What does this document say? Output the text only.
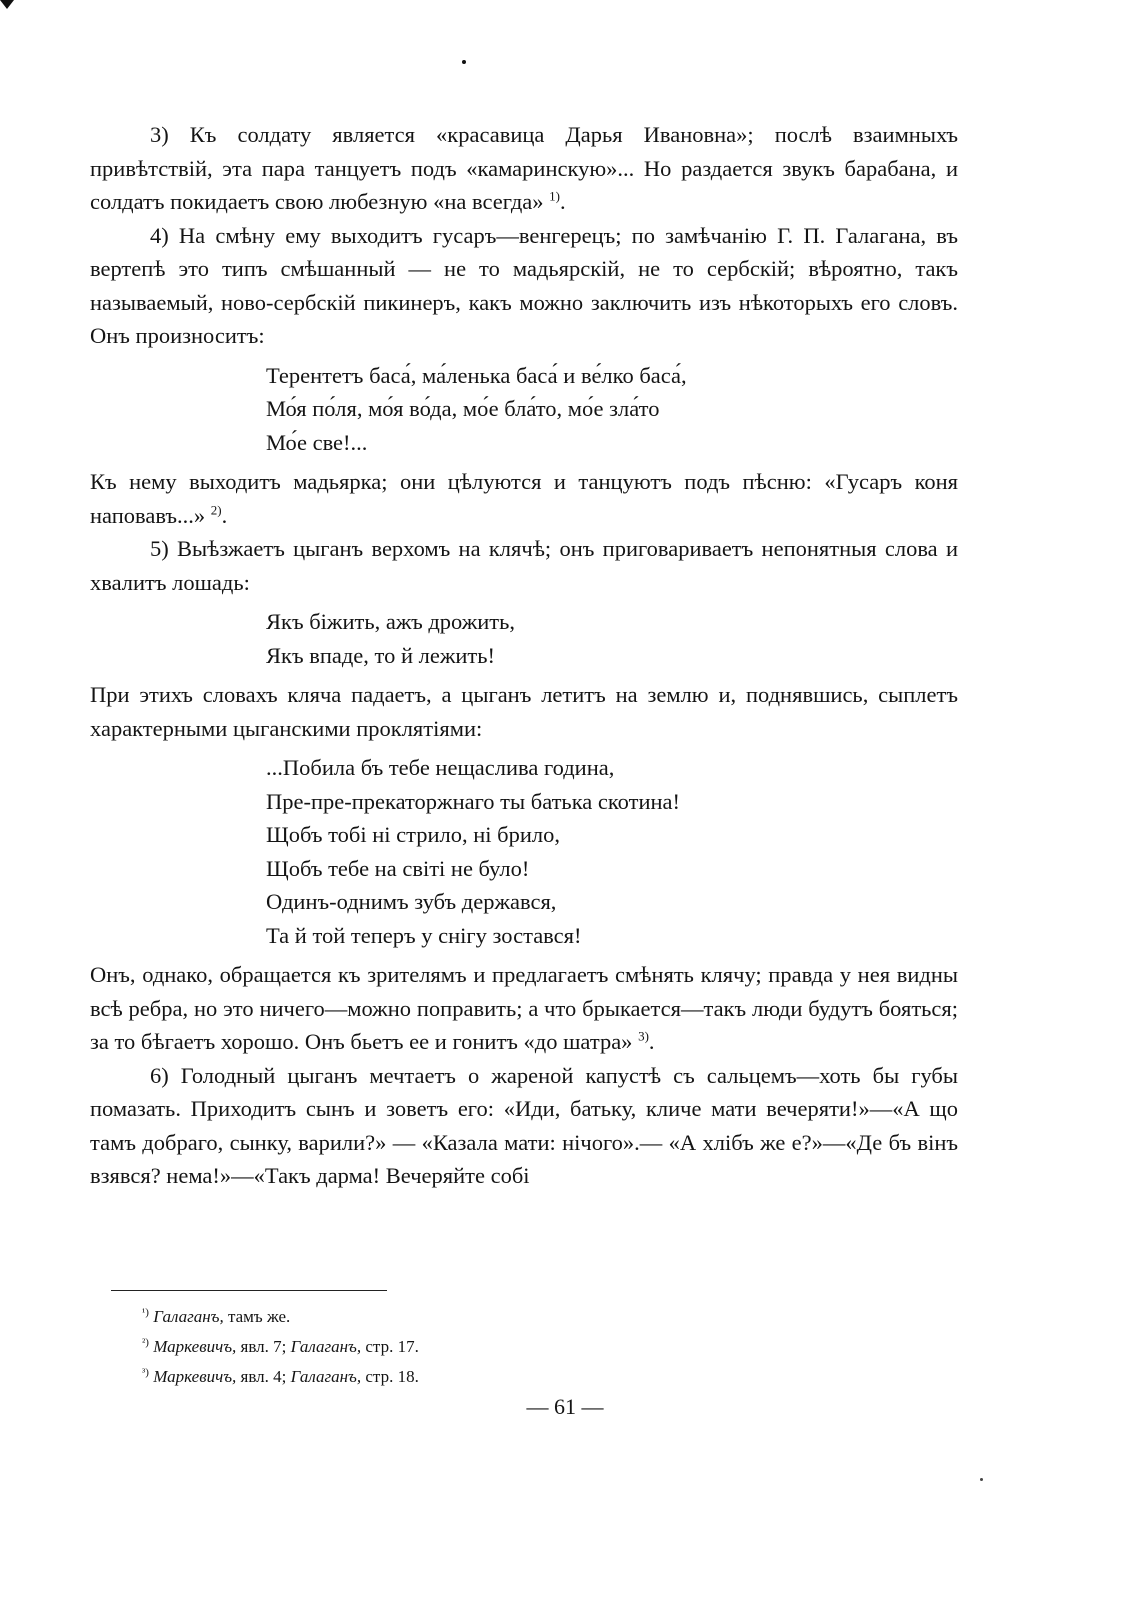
3) Къ солдату является «красавица Дарья Ивановна»; послѣ взаимныхъ привѣтствій, эта пара танцуетъ подъ «камаринскую»... Но раздается звукъ барабана, и солдатъ покидаетъ свою любезную «на всегда» $^{1)}$.

4) На смѣну ему выходитъ гусаръ—венгерецъ; по замѣчанію Г. П. Галагана, въ вертепѣ это типъ смѣшанный — не то мадьярскій, не то сербскій; вѣроятно, такъ называемый, ново-сербскій пикинеръ, какъ можно заключить изъ нѣкоторыхъ его словъ. Онъ произноситъ:

Терентетъ баса́, ма́ленька баса́ и ве́лко баса́,
Мо́я по́ля, мо́я во́да, мо́е бла́то, мо́е зла́то
Мо́е све!...

Къ нему выходитъ мадьярка; они цѣлуются и танцуютъ подъ пѣсню: «Гусаръ коня наповавъ...» $^{2)}$.

5) Выѣзжаетъ цыганъ верхомъ на клячѣ; онъ приговариваетъ непонятныя слова и хвалитъ лошадь:

Якъ біжить, ажъ дрожить,
Якъ впаде, то й лежить!

При этихъ словахъ кляча падаетъ, а цыганъ летитъ на землю и, поднявшись, сыплетъ характерными цыганскими проклятіями:

...Побила бъ тебе нещаслива година,
Пре-пре-прекаторжнаго ты батька скотина!
Щобъ тобі ні стрило, ні брило,
Щобъ тебе на світі не було!
Одинъ-однимъ зубъ держався,
Та й той теперъ у снігу зостався!

Онъ, однако, обращается къ зрителямъ и предлагаетъ смѣнять клячу; правда у нея видны всѣ ребра, но это ничего—можно поправить; а что брыкается—такъ люди будутъ бояться; за то бѣгаетъ хорошо. Онъ бьетъ ее и гонитъ «до шатра» $^{3)}$.

6) Голодный цыганъ мечтаетъ о жареной капустѣ съ сальцемъ—хоть бы губы помазать. Приходитъ сынъ и зоветъ его: «Иди, батьку, кличе мати вечеряти!»—«А що тамъ добраго, сынку, варили?» — «Казала мати: нічого».— «А хлібъ же е?»—«Де бъ вінъ взявся? нема!»—«Такъ дарма! Вечеряйте собі

$^{^1)}$ Галаганъ, тамъ же.
$^{^2)}$ Маркевичъ, явл. 7; Галаганъ, стр. 17.
$^{^3)}$ Маркевичъ, явл. 4; Галаганъ, стр. 18.
— 61 —
